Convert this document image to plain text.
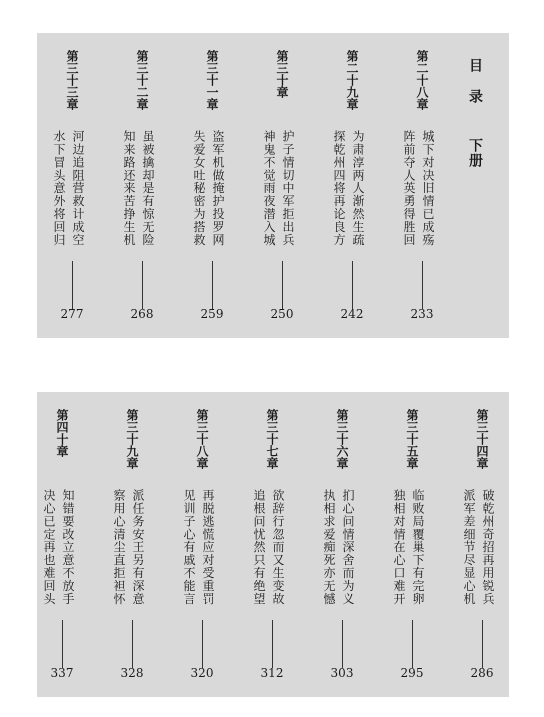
目录
下册
第三十三章
河边追阻营救计成空
水下冒头意外将回归
277
第三十二章
虽被擒却是有惊无险
知来路还来苦挣生机
268
第三十一章
盗军机做掩护投罗网
失爱女吐秘密为搭救
259
第三十章
护子情切中军拒出兵
神鬼不觉雨夜潜入城
250
第二十九章
为肃淳两人渐然生疏
探乾州四将再论良方
242
第二十八章
城下对决旧情已成殇
阵前夺人英勇得胜回
233
第四十章
知错要改立意不放手
决心已定再也难回头
337
第三十九章
派任务安王另有深意
察用心清尘直拒袒怀
328
第三十八章
再脱逃慌应对受重罚
见训子心有戚不能言
320
第三十七章
欲辞行忽而又生变故
追根问忧然只有绝望
312
第三十六章
扪心问情深舍而为义
执相求爱痴死亦无憾
303
第三十五章
临败局覆巢下有完卵
独相对情在心口难开
295
第三十四章
破乾州奇招再用锐兵
派军差细节尽显心机
286
